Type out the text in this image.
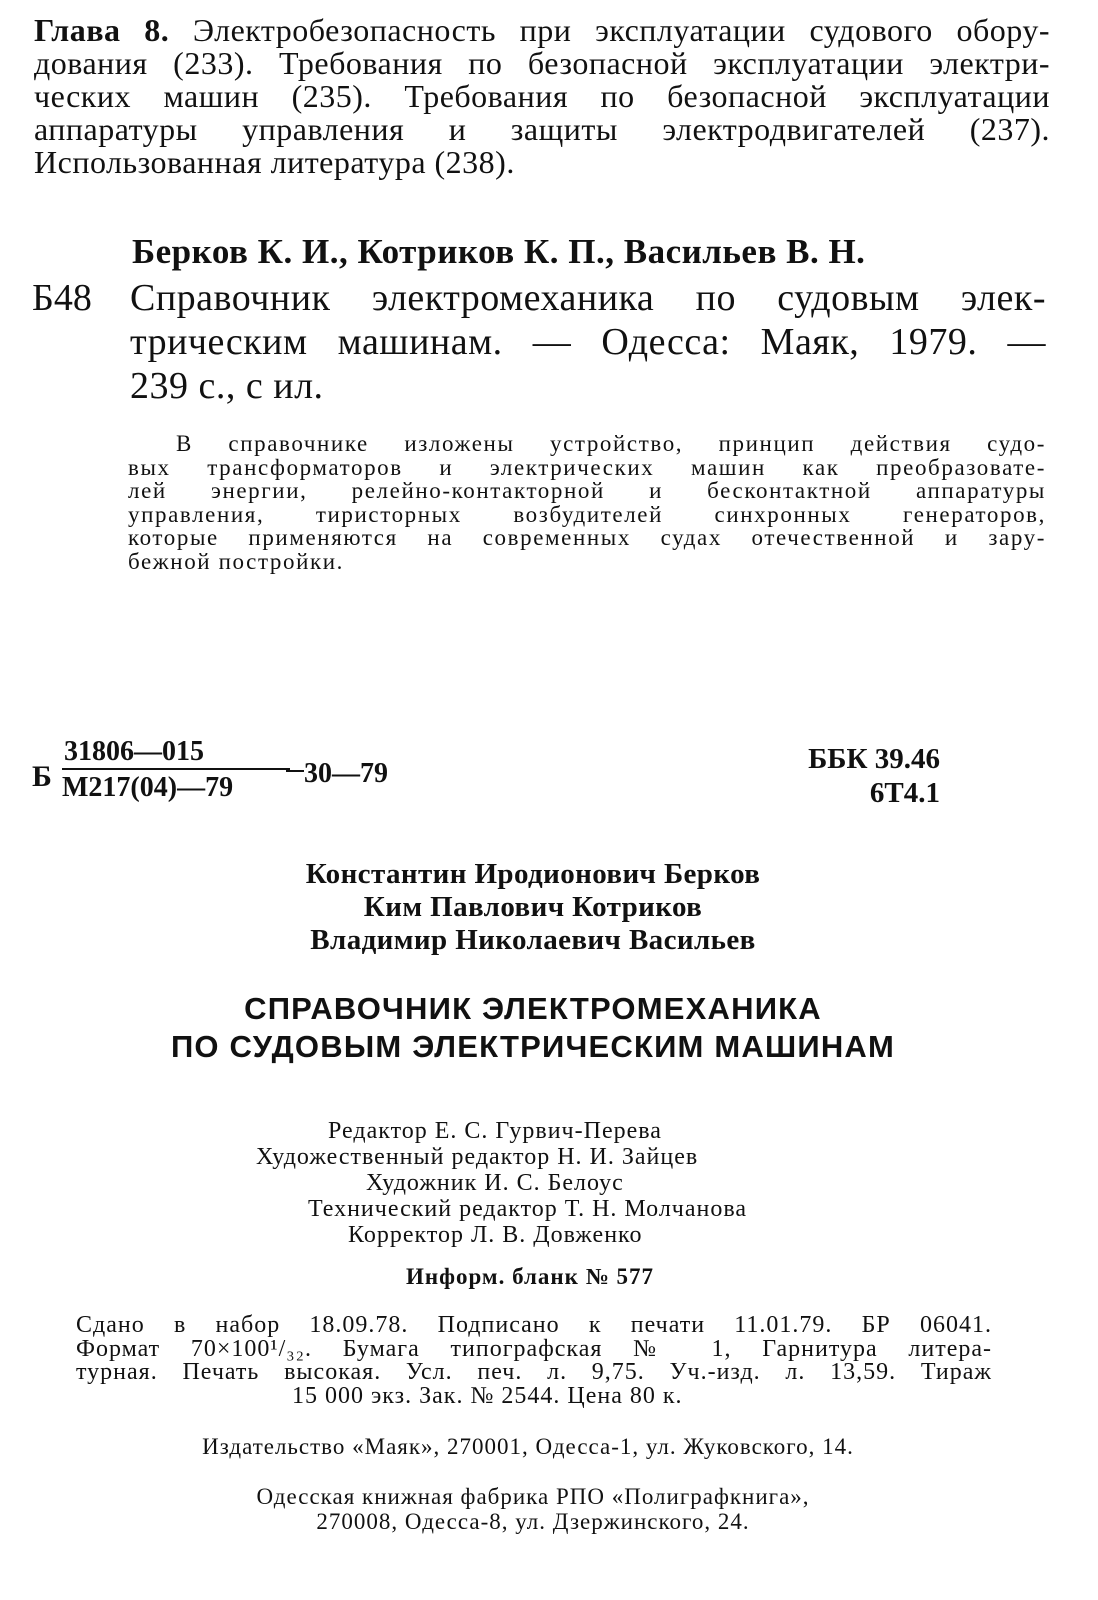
Глава 8. Электробезопасность при эксплуатации судового обору-
дования (233). Требования по безопасной эксплуатации электри-
ческих машин (235). Требования по безопасной эксплуатации
аппаратуры управления и защиты электродвигателей (237).
Использованная литература (238).
Берков К. И., Котриков К. П., Васильев В. Н.
Б48 Справочник электромеханика по судовым элек-
трическим машинам. — Одесса: Маяк, 1979. —
239 с., с ил.
В справочнике изложены устройство, принцип действия судо-
вых трансформаторов и электрических машин как преобразовате-
лей энергии, релейно-контакторной и бесконтактной аппаратуры
управления, тиристорных возбудителей синхронных генераторов,
которые применяются на современных судах отечественной и зару-
бежной постройки.
Б
31806—015
М217(04)—79	30—79	ББК 39.46
6Т4.1
Константин Иродионович Берков
Ким Павлович Котриков
Владимир Николаевич Васильев
СПРАВОЧНИК ЭЛЕКТРОМЕХАНИКА
ПО СУДОВЫМ ЭЛЕКТРИЧЕСКИМ МАШИНАМ
Редактор Е. С. Гурвич-Перева
Художественный редактор Н. И. Зайцев
Художник И. С. Белоус
Технический редактор Т. Н. Молчанова
Корректор Л. В. Довженко
Информ. бланк № 577
Сдано в набор 18.09.78. Подписано к печати 11.01.79. БР 06041.
Формат 70×100¹/₃₂. Бумага типографская № 1, Гарнитура литера-
турная. Печать высокая. Усл. печ. л. 9,75. Уч.-изд. л. 13,59. Тираж
15 000 экз. Зак. № 2544. Цена 80 к.
Издательство «Маяк», 270001, Одесса-1, ул. Жуковского, 14.
Одесская книжная фабрика РПО «Полиграфкнига»,
270008, Одесса-8, ул. Дзержинского, 24.
